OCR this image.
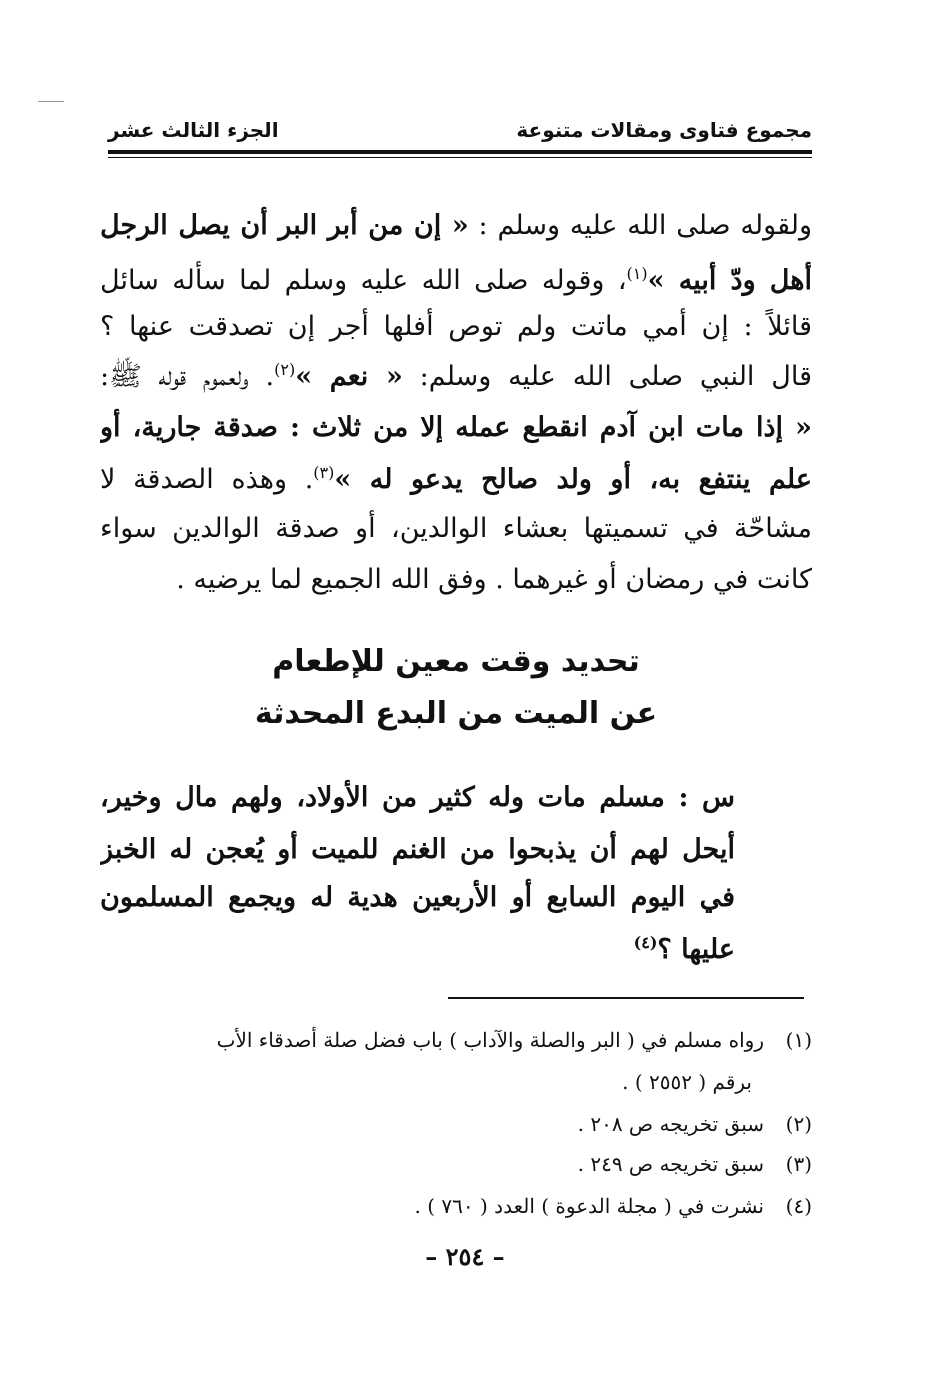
الجزء الثالث عشر	مجموع فتاوى ومقالات متنوعة
ولقوله صلى الله عليه وسلم : « إن من أبر البر أن يصل الرجل
أهل ودّ أبيه »$^{(١)}$، وقوله صلى الله عليه وسلم لما سأله سائل
قائلاً : إن أمي ماتت ولم توص أفلها أجر إن تصدقت عنها ؟
قال النبي صلى الله عليه وسلم: « نعم »$^{(٢)}$. ولعموم قوله ﷺ:
« إذا مات ابن آدم انقطع عمله إلا من ثلاث : صدقة جارية، أو
علم ينتفع به، أو ولد صالح يدعو له »$^{(٣)}$. وهذه الصدقة لا
مشاحّة في تسميتها بعشاء الوالدين، أو صدقة الوالدين سواء
كانت في رمضان أو غيرهما . وفق الله الجميع لما يرضيه .
تحديد وقت معين للإطعام
عن الميت من البدع المحدثة
س : مسلم مات وله كثير من الأولاد، ولهم مال وخير،
أيحل لهم أن يذبحوا من الغنم للميت أو يُعجن له الخبز
في اليوم السابع أو الأربعين هدية له ويجمع المسلمون
عليها ؟$^{(٤)}$
(١)رواه مسلم في ( البر والصلة والآداب ) باب فضل صلة أصدقاء الأب
برقم ( ٢٥٥٢ ) .
(٢)سبق تخريجه ص ٢٠٨ .
(٣)سبق تخريجه ص ٢٤٩ .
(٤)نشرت في ( مجلة الدعوة ) العدد ( ٧٦٠ ) .
– ٢٥٤ –
